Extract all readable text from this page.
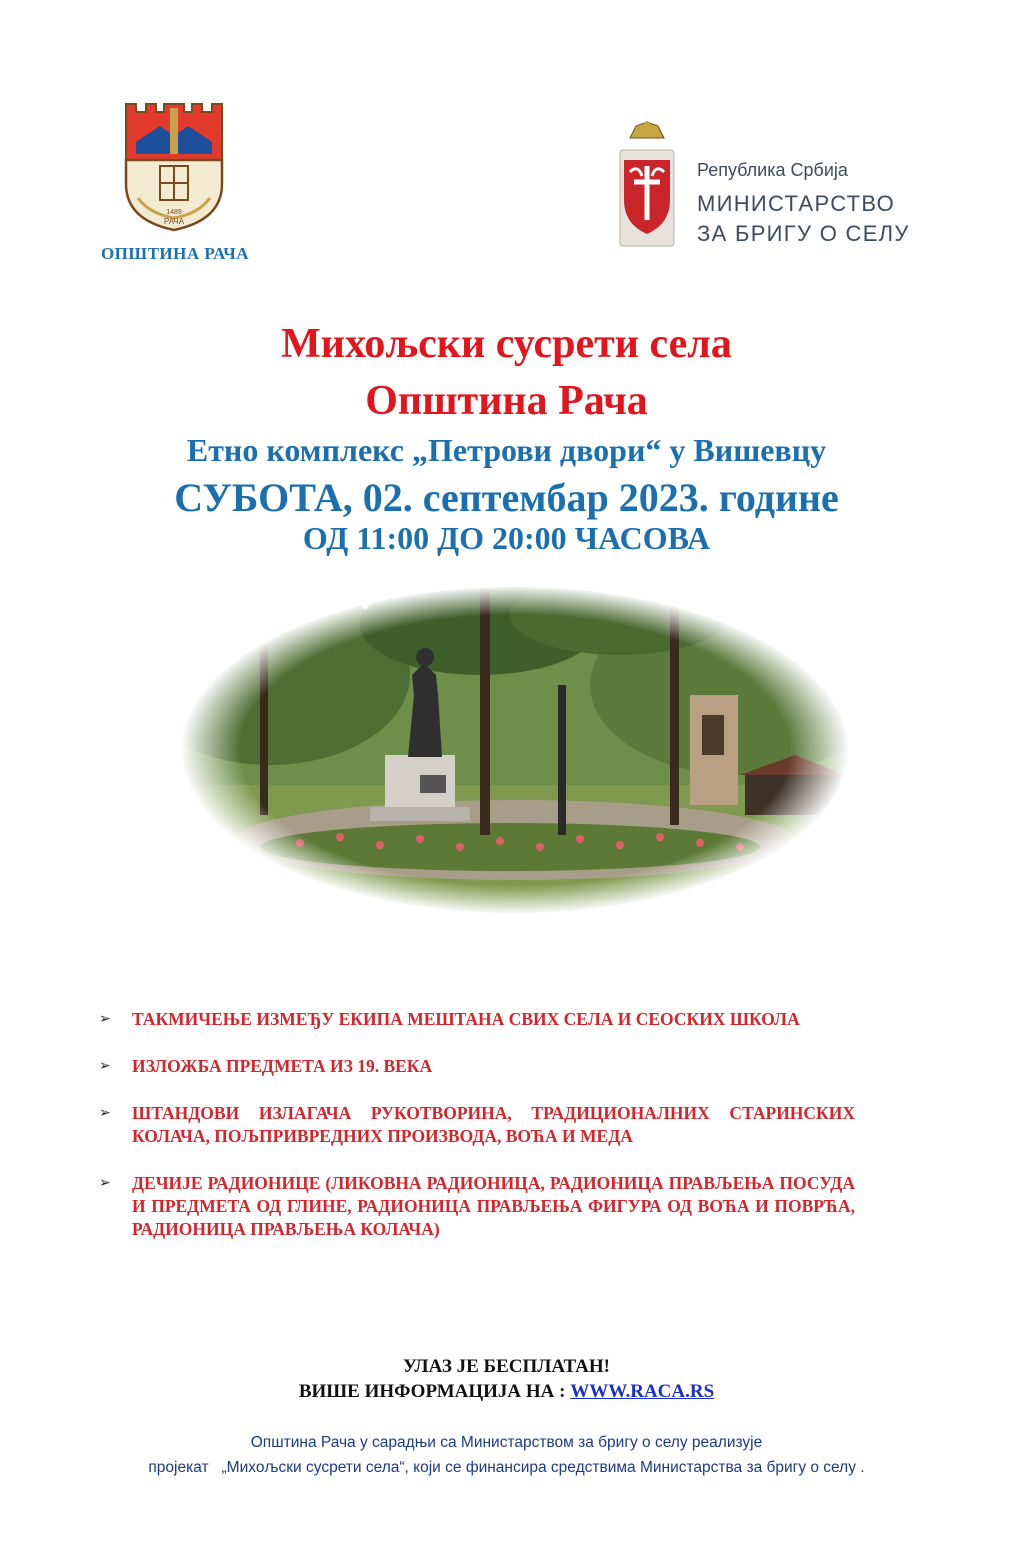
1489
РАЧА
ОПШТИНА РАЧА
Република Србија
МИНИСТАРСТВО
ЗА БРИГУ О СЕЛУ
Михољски сусрети села
Општина Рача
Етно комплекс „Петрови двори“ у Вишевцу
СУБОТА, 02. септембар 2023. године
ОД 11:00 ДО 20:00 ЧАСОВА
➢ ТАКМИЧЕЊЕ ИЗМЕЂУ ЕКИПА МЕШТАНА СВИХ СЕЛА И СЕОСКИХ ШКОЛА
➢ ИЗЛОЖБА ПРЕДМЕТА ИЗ 19. ВЕКА
➢ ШТАНДОВИ ИЗЛАГАЧА РУКОТВОРИНА, ТРАДИЦИОНАЛНИХ СТАРИНСКИХ КОЛАЧА, ПОЉПРИВРЕДНИХ ПРОИЗВОДА, ВОЋА И МЕДА
➢ ДЕЧИЈЕ РАДИОНИЦЕ (ЛИКОВНА РАДИОНИЦА, РАДИОНИЦА ПРАВЉЕЊА ПОСУДА И ПРЕДМЕТА ОД ГЛИНЕ, РАДИОНИЦА ПРАВЉЕЊА ФИГУРА ОД ВОЋА И ПОВРЋА, РАДИОНИЦА ПРАВЉЕЊА КОЛАЧА)
УЛАЗ ЈЕ БЕСПЛАТАН!
ВИШЕ ИНФОРМАЦИЈА НА : WWW.RACA.RS
Општина Рача у сарадњи са Министарством за бригу о селу реализује
пројекат   „Михољски сусрети села“, који се финансира средствима Министарства за бригу о селу .
